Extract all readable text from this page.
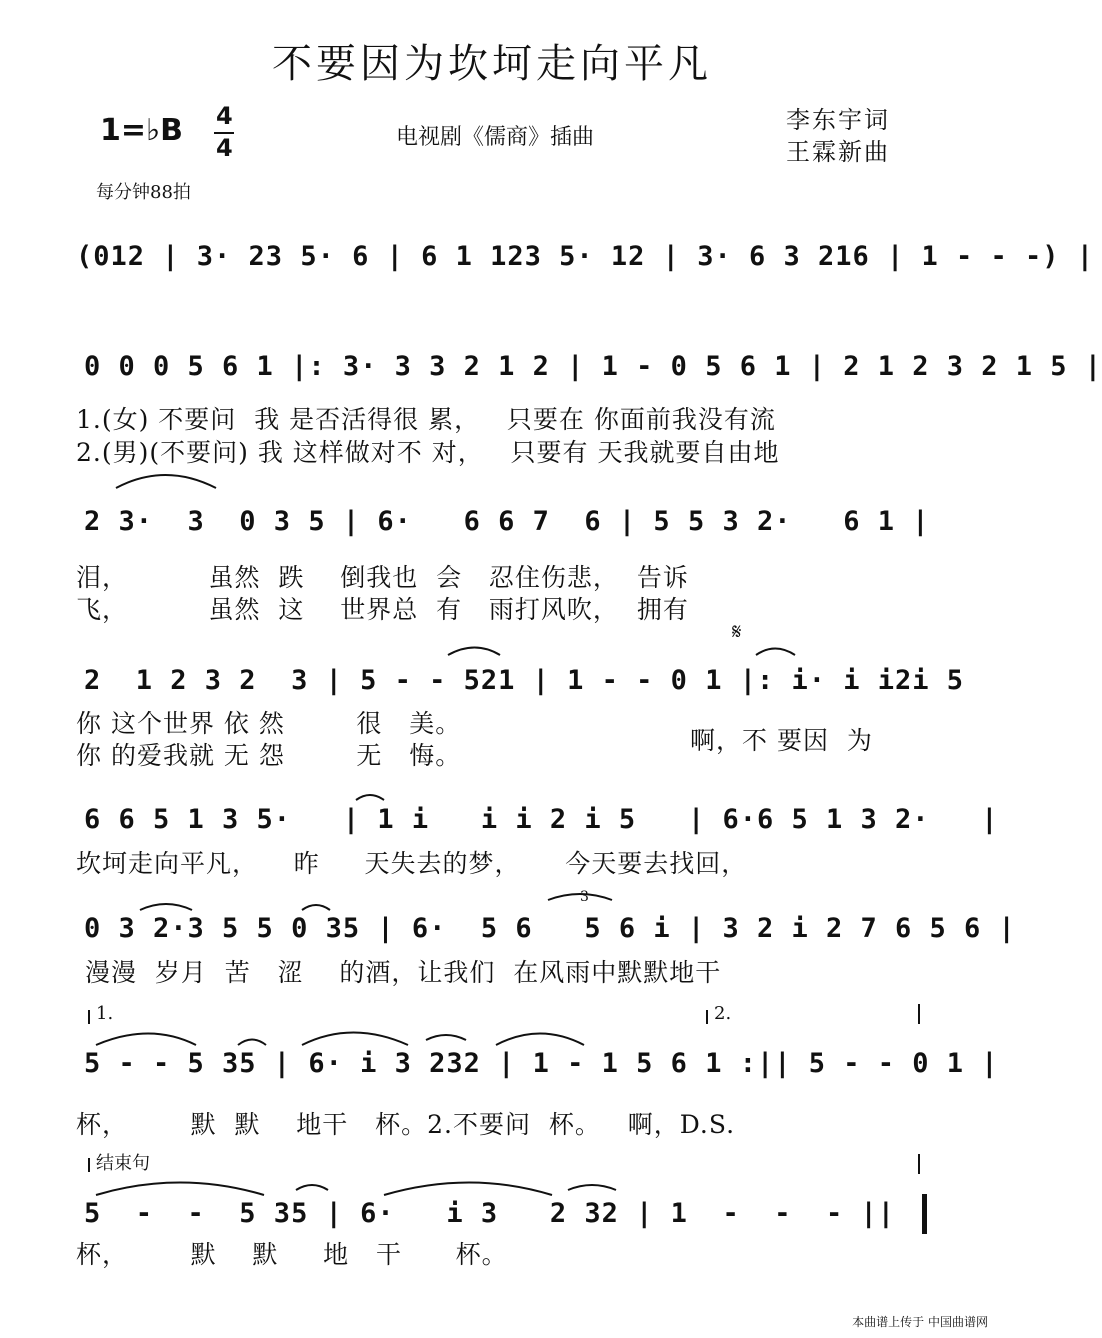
不要因为坎坷走向平凡
1=♭B 4
4	电视剧《儒商》插曲
李东宇词
王霖新曲
每分钟88拍
(012 | 3· 23 5· 6 | 6 1 123 5· 12 | 3· 6 3 216 | 1 - - -) |
0 0 0 5 6 1 |: 3· 3 3 2 1 2 | 1 - 0 5 6 1 | 2 1 2 3 2 1 5 |
1.(女) 不要问  我 是否活得很 累，   只要在 你面前我没有流
2.(男)(不要问) 我 这样做对不 对，   只要有 天我就要自由地
2 3·  3  0 3 5 | 6·   6 6 7  6 | 5 5 3 2·   6 1 |
泪，         虽然  跌    倒我也  会   忍住伤悲，  告诉
飞，         虽然  这    世界总  有   雨打风吹，  拥有
𝄋
2  1 2 3 2  3 | 5 - - 521 | 1 - - 0 1 |: i· i i2i 5
你 这个世界 依 然        很   美。
你 的爱我就 无 怨        无   悔。
啊，不 要因  为
6 6 5 1 3 5·   | 1 i   i i 2 i 5   | 6·6 5 1 3 2·   |
坎坷走向平凡，    昨     天失去的梦，     今天要去找回，
3
0 3 2·3 5 5 0 35 | 6·  5 6   5 6 i | 3 2 i 2 7 6 5 6 |
漫漫  岁月  苦   涩    的酒，让我们  在风雨中默默地干
1.	2.
5 - - 5 35 | 6· i 3 232 | 1 - 1 5 6 1 :|| 5 - - 0 1 |
杯，       默  默    地干   杯。2.不要问  杯。   啊，D.S.
结束句
5  -  -  5 35 | 6·   i 3   2 32 | 1  -  -  - ||
杯，       默    默     地   干      杯。
本曲谱上传于 中国曲谱网
